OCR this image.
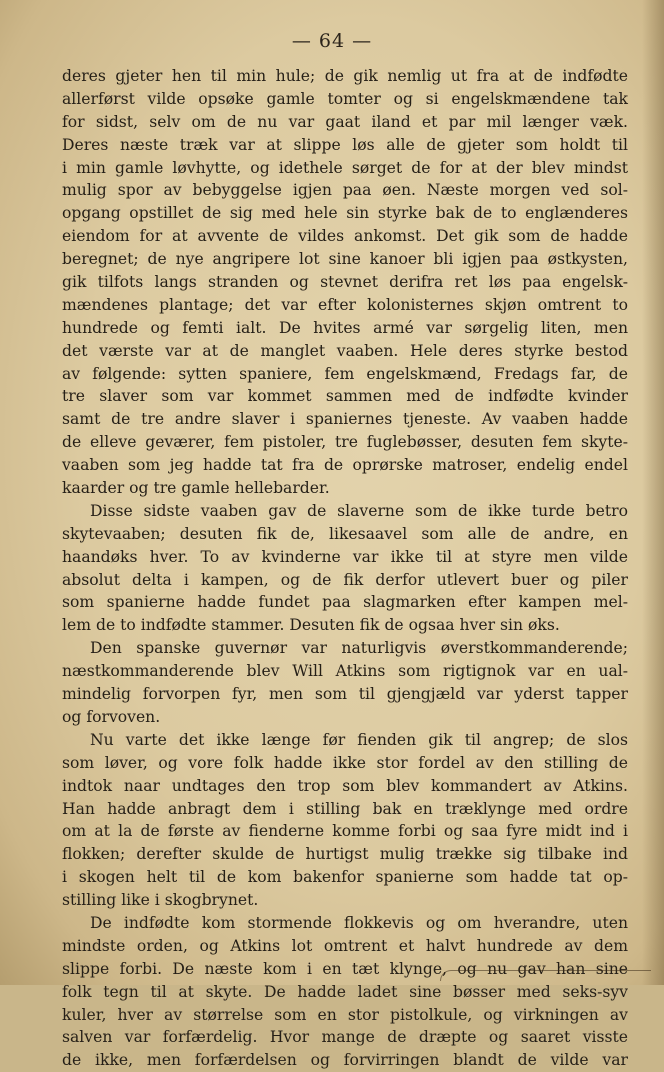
— 64 —
deres gjeter hen til min hule; de gik nemlig ut fra at de indfødte
allerførst vilde opsøke gamle tomter og si engelskmændene tak
for sidst, selv om de nu var gaat iland et par mil længer væk.
Deres næste træk var at slippe løs alle de gjeter som holdt til
i min gamle løvhytte, og idethele sørget de for at der blev mindst
mulig spor av bebyggelse igjen paa øen. Næste morgen ved sol-
opgang opstillet de sig med hele sin styrke bak de to englænderes
eiendom for at avvente de vildes ankomst. Det gik som de hadde
beregnet; de nye angripere lot sine kanoer bli igjen paa østkysten,
gik tilfots langs stranden og stevnet derifra ret løs paa engelsk-
mændenes plantage; det var efter kolonisternes skjøn omtrent to
hundrede og femti ialt. De hvites armé var sørgelig liten, men
det værste var at de manglet vaaben. Hele deres styrke bestod
av følgende: sytten spaniere, fem engelskmænd, Fredags far, de
tre slaver som var kommet sammen med de indfødte kvinder
samt de tre andre slaver i spaniernes tjeneste. Av vaaben hadde
de elleve geværer, fem pistoler, tre fuglebøsser, desuten fem skyte-
vaaben som jeg hadde tat fra de oprørske matroser, endelig endel
kaarder og tre gamle hellebarder.
Disse sidste vaaben gav de slaverne som de ikke turde betro
skytevaaben; desuten fik de, likesaavel som alle de andre, en
haandøks hver. To av kvinderne var ikke til at styre men vilde
absolut delta i kampen, og de fik derfor utlevert buer og piler
som spanierne hadde fundet paa slagmarken efter kampen mel-
lem de to indfødte stammer. Desuten fik de ogsaa hver sin øks.
Den spanske guvernør var naturligvis øverstkommanderende;
næstkommanderende blev Will Atkins som rigtignok var en ual-
mindelig forvorpen fyr, men som til gjengjæld var yderst tapper
og forvoven.
Nu varte det ikke længe før fienden gik til angrep; de slos
som løver, og vore folk hadde ikke stor fordel av den stilling de
indtok naar undtages den trop som blev kommandert av Atkins.
Han hadde anbragt dem i stilling bak en træklynge med ordre
om at la de første av fienderne komme forbi og saa fyre midt ind i
flokken; derefter skulde de hurtigst mulig trække sig tilbake ind
i skogen helt til de kom bakenfor spanierne som hadde tat op-
stilling like i skogbrynet.
De indfødte kom stormende flokkevis og om hverandre, uten
mindste orden, og Atkins lot omtrent et halvt hundrede av dem
slippe forbi. De næste kom i en tæt klynge, og nu gav han sine
folk tegn til at skyte. De hadde ladet sine bøsser med seks-syv
kuler, hver av størrelse som en stor pistolkule, og virkningen av
salven var forfærdelig. Hvor mange de dræpte og saaret visste
de ikke, men forfærdelsen og forvirringen blandt de vilde var
